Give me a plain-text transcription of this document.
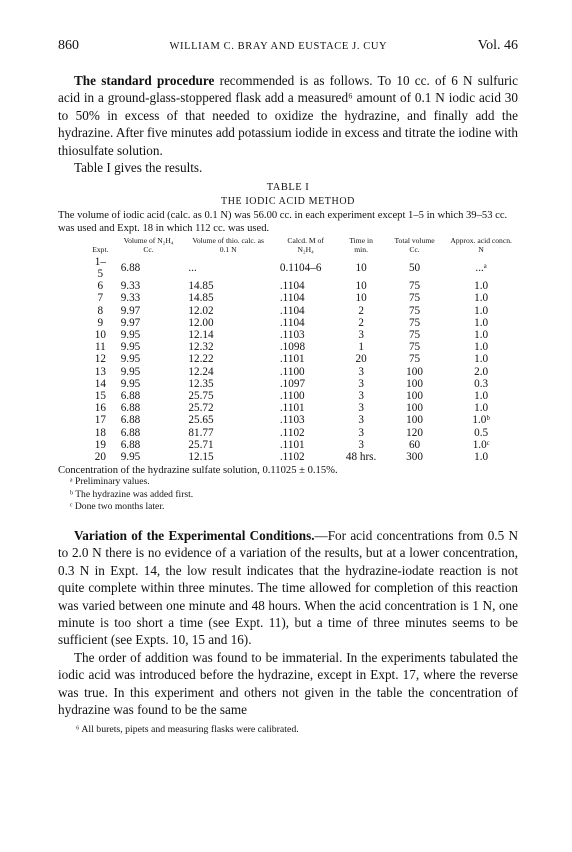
860	WILLIAM C. BRAY AND EUSTACE J. CUY	Vol. 46

The standard procedure recommended is as follows. To 10 cc. of 6 N sulfuric acid in a ground-glass-stoppered flask add a measured⁶ amount of 0.1 N iodic acid 30 to 50% in excess of that needed to oxidize the hydrazine, and finally add the hydrazine. After five minutes add potassium iodide in excess and titrate the iodine with thiosulfate solution.

Table I gives the results.

TABLE I
THE IODIC ACID METHOD
The volume of iodic acid (calc. as 0.1 N) was 56.00 cc. in each experiment except 1–5 in which 39–53 cc. was used and Expt. 18 in which 112 cc. was used.
Expt.	Volume of N₂H₄ Cc.	Volume of thio. calc. as 0.1 N	Calcd. M of N₂H₄	Time in min.	Total volume Cc.	Approx. acid concn. N
1–5	6.88	...	0.1104–6	10	50	...ᵃ
6	9.33	14.85	.1104	10	75	1.0
7	9.33	14.85	.1104	10	75	1.0
8	9.97	12.02	.1104	2	75	1.0
9	9.97	12.00	.1104	2	75	1.0
10	9.95	12.14	.1103	3	75	1.0
11	9.95	12.32	.1098	1	75	1.0
12	9.95	12.22	.1101	20	75	1.0
13	9.95	12.24	.1100	3	100	2.0
14	9.95	12.35	.1097	3	100	0.3
15	6.88	25.75	.1100	3	100	1.0
16	6.88	25.72	.1101	3	100	1.0
17	6.88	25.65	.1103	3	100	1.0ᵇ
18	6.88	81.77	.1102	3	120	0.5
19	6.88	25.71	.1101	3	60	1.0ᶜ
20	9.95	12.15	.1102	48 hrs.	300	1.0
Concentration of the hydrazine sulfate solution, 0.11025 ± 0.15%.
ᵃ Preliminary values.
ᵇ The hydrazine was added first.
ᶜ Done two months later.

Variation of the Experimental Conditions.—For acid concentrations from 0.5 N to 2.0 N there is no evidence of a variation of the results, but at a lower concentration, 0.3 N in Expt. 14, the low result indicates that the hydrazine-iodate reaction is not quite complete within three minutes. The time allowed for completion of this reaction was varied between one minute and 48 hours. When the acid concentration is 1 N, one minute is too short a time (see Expt. 11), but a time of three minutes seems to be sufficient (see Expts. 10, 15 and 16).

The order of addition was found to be immaterial. In the experiments tabulated the iodic acid was introduced before the hydrazine, except in Expt. 17, where the reverse was true. In this experiment and others not given in the table the concentration of hydrazine was found to be the same

⁶ All burets, pipets and measuring flasks were calibrated.
